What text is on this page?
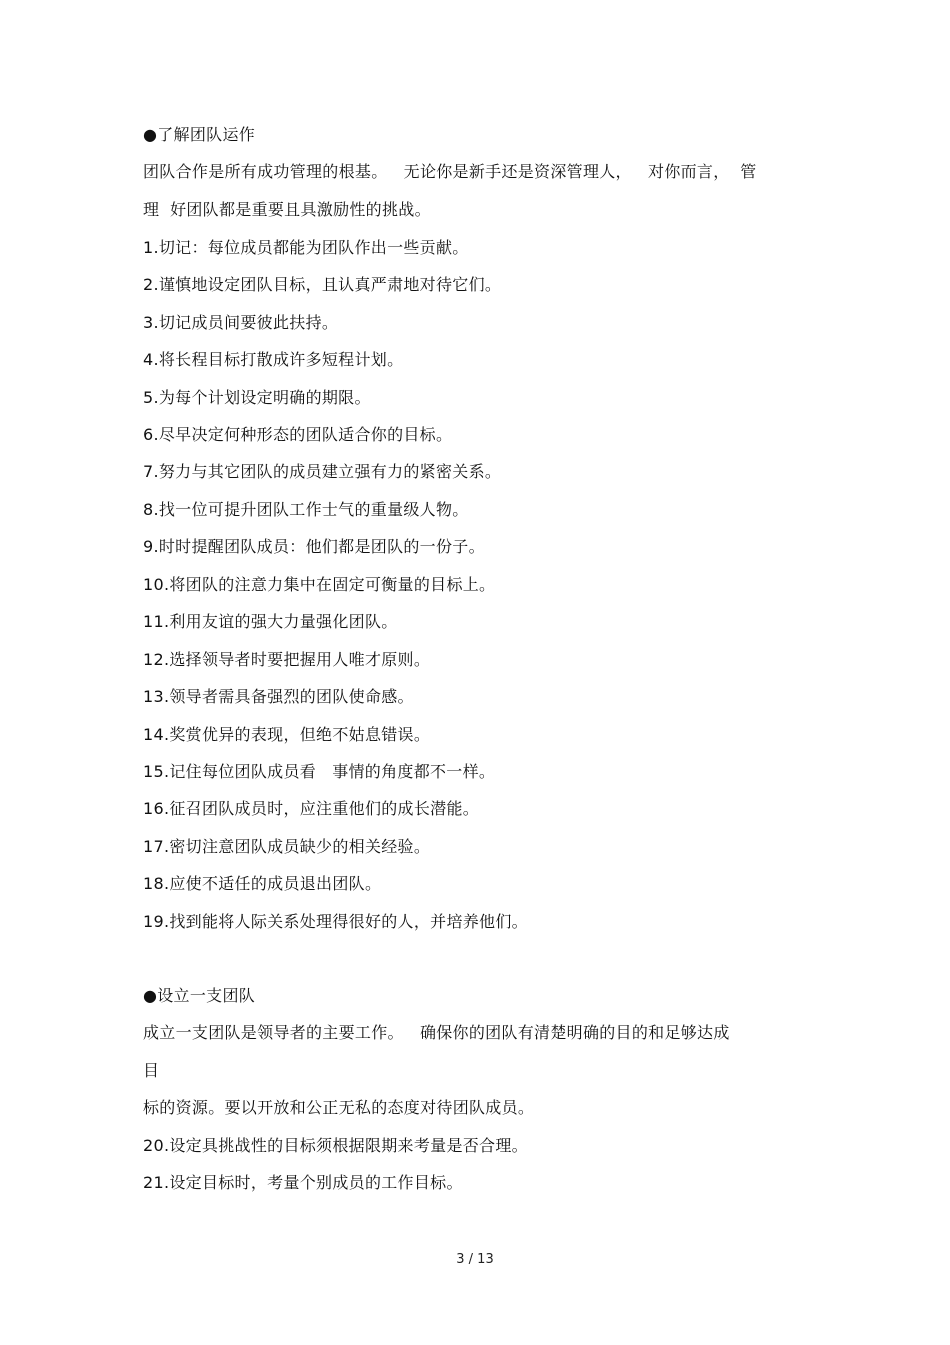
●了解团队运作
团队合作是所有成功管理的根基。   无论你是新手还是资深管理人，   对你而言，  管
理  好团队都是重要且具激励性的挑战。
1.切记：每位成员都能为团队作出一些贡献。
2.谨慎地设定团队目标，且认真严肃地对待它们。
3.切记成员间要彼此扶持。
4.将长程目标打散成许多短程计划。
5.为每个计划设定明确的期限。
6.尽早决定何种形态的团队适合你的目标。
7.努力与其它团队的成员建立强有力的紧密关系。
8.找一位可提升团队工作士气的重量级人物。
9.时时提醒团队成员：他们都是团队的一份子。
10.将团队的注意力集中在固定可衡量的目标上。
11.利用友谊的强大力量强化团队。
12.选择领导者时要把握用人唯才原则。
13.领导者需具备强烈的团队使命感。
14.奖赏优异的表现，但绝不姑息错误。
15.记住每位团队成员看   事情的角度都不一样。
16.征召团队成员时，应注重他们的成长潜能。
17.密切注意团队成员缺少的相关经验。
18.应使不适任的成员退出团队。
19.找到能将人际关系处理得很好的人，并培养他们。
●设立一支团队
成立一支团队是领导者的主要工作。   确保你的团队有清楚明确的目的和足够达成
目
标的资源。要以开放和公正无私的态度对待团队成员。
20.设定具挑战性的目标须根据限期来考量是否合理。
21.设定目标时，考量个别成员的工作目标。
3 / 13
